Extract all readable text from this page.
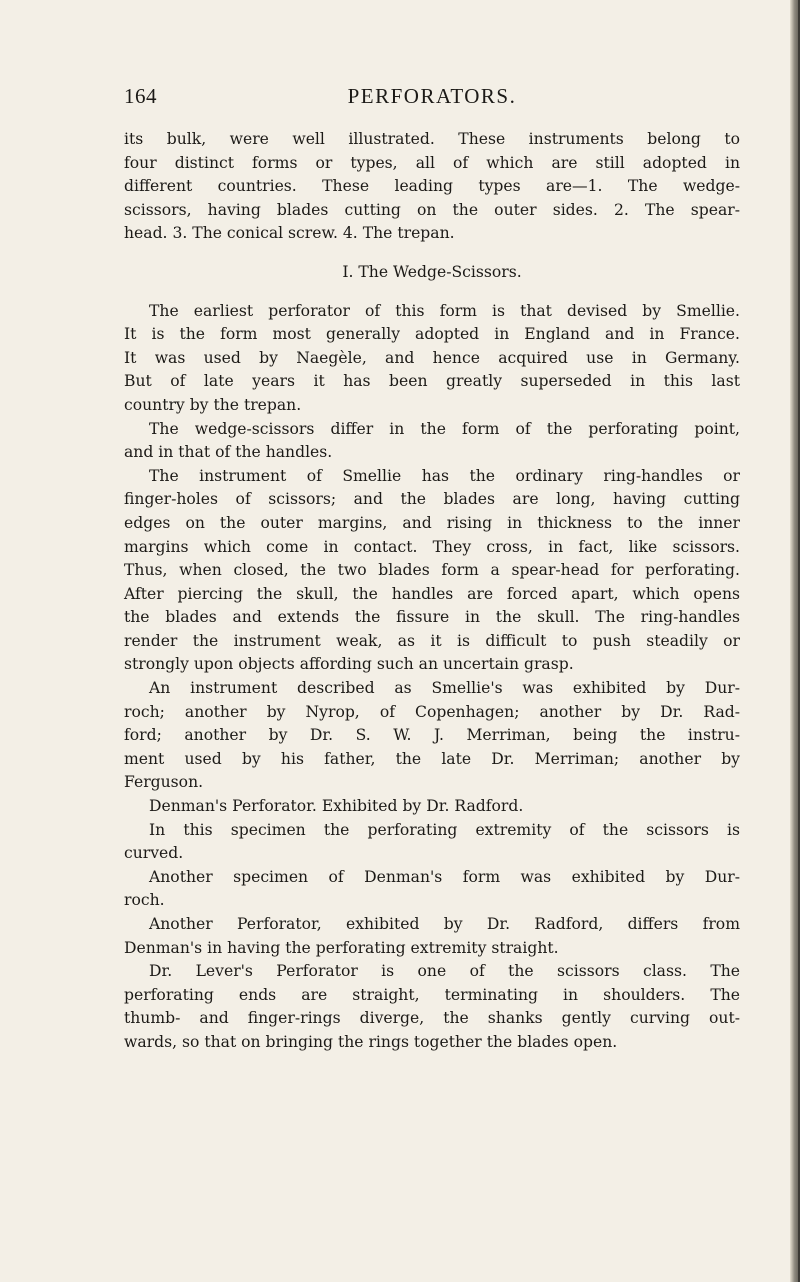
164	PERFORATORS.
its bulk, were well illustrated. These instruments belong to
four distinct forms or types, all of which are still adopted in
different countries. These leading types are—1. The wedge-
scissors, having blades cutting on the outer sides. 2. The spear-
head. 3. The conical screw. 4. The trepan.
I. The Wedge-Scissors.
The earliest perforator of this form is that devised by Smellie.
It is the form most generally adopted in England and in France.
It was used by Naegèle, and hence acquired use in Germany.
But of late years it has been greatly superseded in this last
country by the trepan.
The wedge-scissors differ in the form of the perforating point,
and in that of the handles.
The instrument of Smellie has the ordinary ring-handles or
finger-holes of scissors; and the blades are long, having cutting
edges on the outer margins, and rising in thickness to the inner
margins which come in contact. They cross, in fact, like scissors.
Thus, when closed, the two blades form a spear-head for perforating.
After piercing the skull, the handles are forced apart, which opens
the blades and extends the fissure in the skull. The ring-handles
render the instrument weak, as it is difficult to push steadily or
strongly upon objects affording such an uncertain grasp.
An instrument described as Smellie's was exhibited by Dur-
roch; another by Nyrop, of Copenhagen; another by Dr. Rad-
ford; another by Dr. S. W. J. Merriman, being the instru-
ment used by his father, the late Dr. Merriman; another by
Ferguson.
Denman's Perforator. Exhibited by Dr. Radford.
In this specimen the perforating extremity of the scissors is
curved.
Another specimen of Denman's form was exhibited by Dur-
roch.
Another Perforator, exhibited by Dr. Radford, differs from
Denman's in having the perforating extremity straight.
Dr. Lever's Perforator is one of the scissors class. The
perforating ends are straight, terminating in shoulders. The
thumb- and finger-rings diverge, the shanks gently curving out-
wards, so that on bringing the rings together the blades open.
